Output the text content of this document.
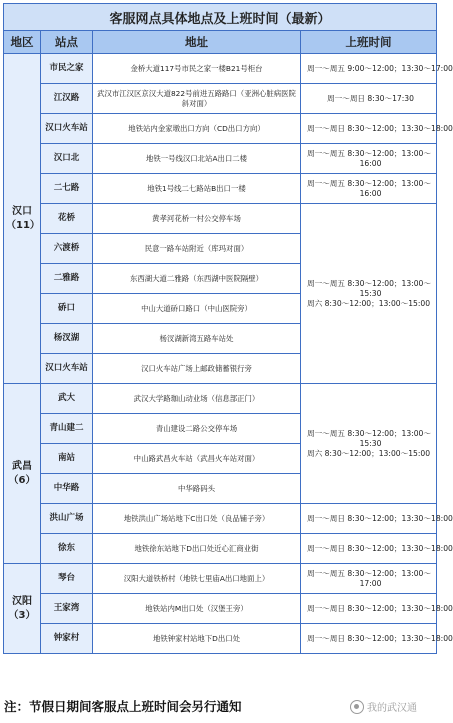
客服网点具体地点及上班时间（最新）			
地区	站点	地址	上班时间
汉口
（11）	市民之家	金桥大道117号市民之家一楼B21号柜台	周一～周五 9:00～12:00；13:30～17:00

	江汉路	武汉市江汉区京汉大道822号前进五路路口（亚洲心脏病医院斜对面）	周一～周日 8:30～17:30

	汉口火车站	地铁站内金家墩出口方向（CD出口方向）	周一～周日 8:30～12:00；13:30～18:00

	汉口北	地铁一号线汉口北站A出口二楼	周一～周五 8:30～12:00；13:00～
16:00

	二七路	地铁1号线二七路站B出口一楼	周一～周五 8:30～12:00；13:00～
16:00

	花桥	黄孝河花桥一村公交停车场	周一～周五 8:30～12:00；13:00～
15:30
周六 8:30～12:00；13:00～15:00

	六渡桥	民意一路车站附近（库玛对面）	
	二雅路	东西湖大道二雅路（东西湖中医院隔壁）	
	硚口	中山大道硚口路口（中山医院旁）	
	杨汊湖	杨汊湖新湾五路车站处	
	汉口火车站	汉口火车站广场上邮政储蓄银行旁	
武昌
（6）	武大	武汉大学路珈山动业场（信息部正门）	周一～周五 8:30～12:00；13:00～
15:30
周六 8:30～12:00；13:00～15:00

	青山建二	青山建设二路公交停车场	
	南站	中山路武昌火车站（武昌火车站对面）	
	中华路	中华路码头	
	洪山广场	地铁洪山广场站地下C出口处（良品铺子旁）	周一～周日 8:30～12:00；13:30～18:00

	徐东	地铁徐东站地下D出口处近心汇商业街	周一～周日 8:30～12:00；13:30～18:00

汉阳
（3）	琴台	汉阳大道铁桥村（地铁七里庙A出口地面上）	周一～周五 8:30～12:00；13:00～
17:00

	王家湾	地铁站内M出口处（汉堡王旁）	周一～周日 8:30～12:00；13:30～18:00

	钟家村	地铁钟家村站地下D出口处	周一～周日 8:30～12:00；13:30～18:00
注：节假日期间客服点上班时间会另行通知	我的武汉通
